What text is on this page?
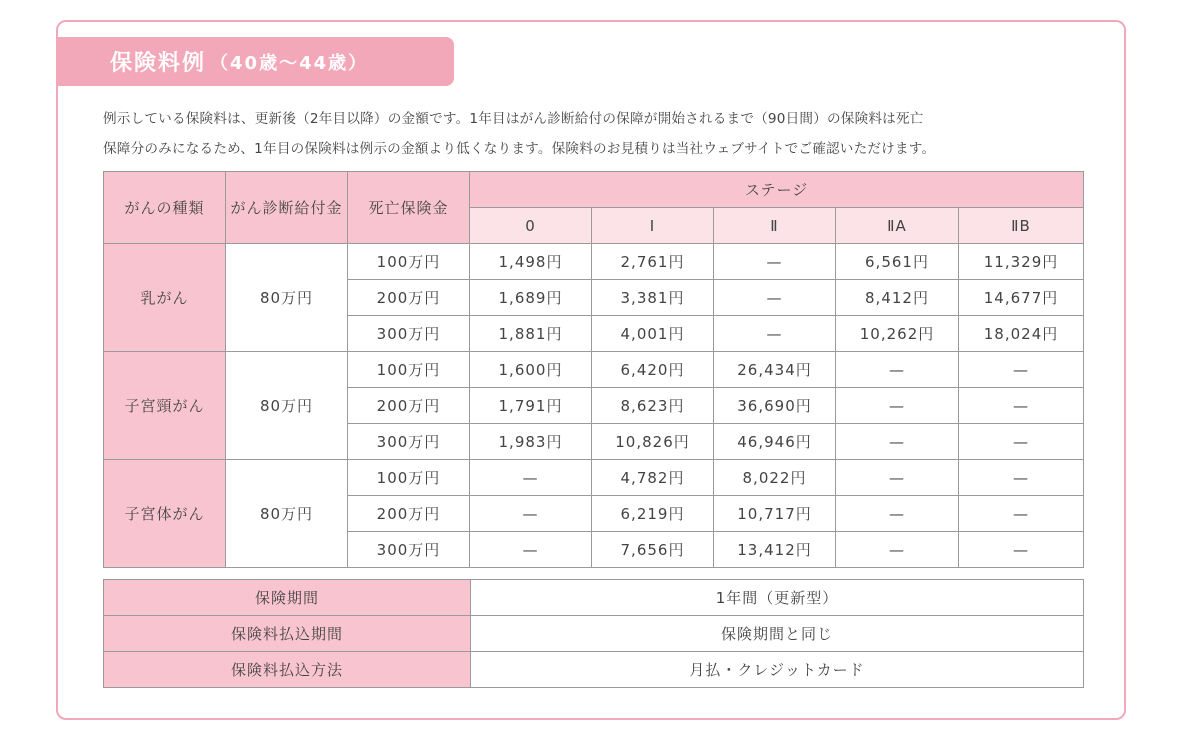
保険料例 （40歳～44歳）

例示している保険料は、更新後（2年目以降）の金額です。1年目はがん診断給付の保障が開始されるまで（90日間）の保険料は死亡

保障分のみになるため、1年目の保険料は例示の金額より低くなります。保険料のお見積りは当社ウェブサイトでご確認いただけます。

がんの種類	がん診断給付金	死亡保険金	ステージ				
			0	Ⅰ	Ⅱ	ⅡA	ⅡB
乳がん	80万円	100万円	1,498円	2,761円	—	6,561円	11,329円
		200万円	1,689円	3,381円	—	8,412円	14,677円
		300万円	1,881円	4,001円	—	10,262円	18,024円
子宮頸がん	80万円	100万円	1,600円	6,420円	26,434円	—	—
		200万円	1,791円	8,623円	36,690円	—	—
		300万円	1,983円	10,826円	46,946円	—	—
子宮体がん	80万円	100万円	—	4,782円	8,022円	—	—
		200万円	—	6,219円	10,717円	—	—
		300万円	—	7,656円	13,412円	—	—
保険期間	1年間（更新型）
保険料払込期間	保険期間と同じ
保険料払込方法	月払・クレジットカード
